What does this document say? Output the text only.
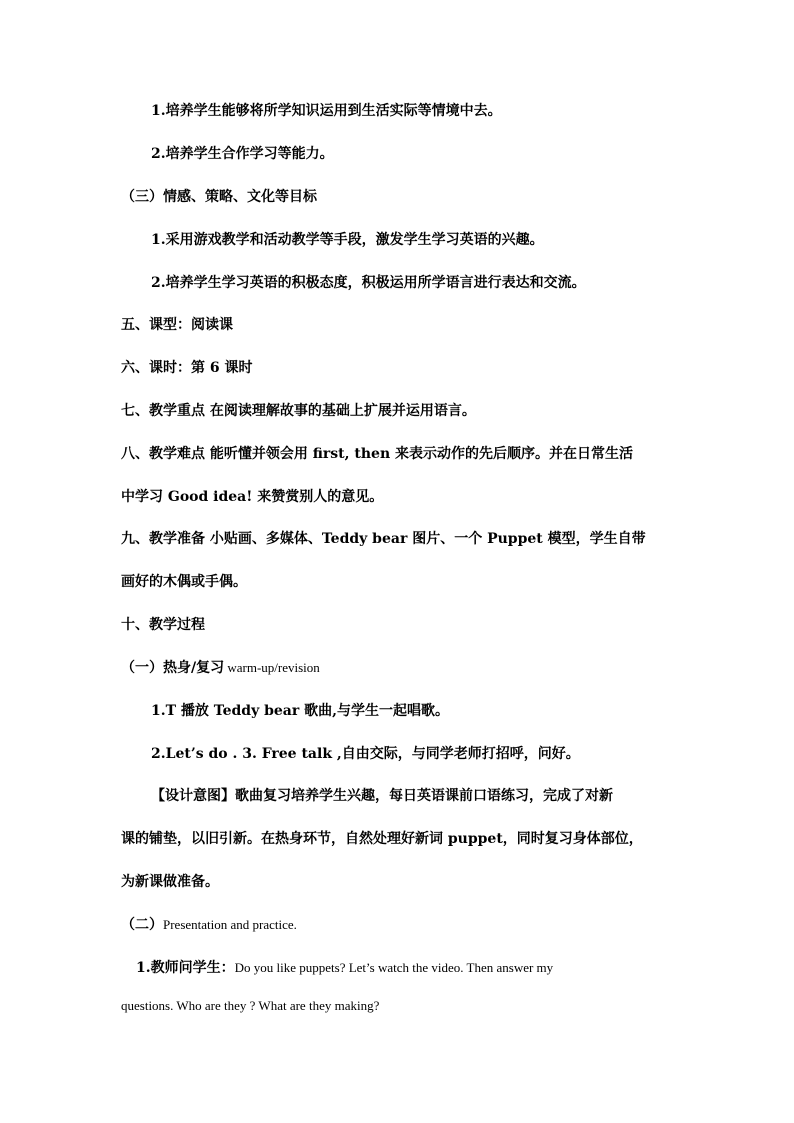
1.培养学生能够将所学知识运用到生活实际等情境中去。
2.培养学生合作学习等能力。
（三）情感、策略、文化等目标
1.采用游戏教学和活动教学等手段，激发学生学习英语的兴趣。
2.培养学生学习英语的积极态度，积极运用所学语言进行表达和交流。
五、课型：阅读课
六、课时：第 6 课时
七、教学重点 在阅读理解故事的基础上扩展并运用语言。
八、教学难点 能听懂并领会用 first, then 来表示动作的先后顺序。并在日常生活
中学习 Good idea! 来赞赏别人的意见。
九、教学准备 小贴画、多媒体、Teddy bear 图片、一个 Puppet 模型，学生自带
画好的木偶或手偶。
十、教学过程
（一）热身/复习 warm-up/revision
1.T 播放 Teddy bear 歌曲,与学生一起唱歌。
2.Let’s do . 3. Free talk ,自由交际，与同学老师打招呼，问好。
【设计意图】歌曲复习培养学生兴趣，每日英语课前口语练习，完成了对新
课的铺垫，以旧引新。在热身环节，自然处理好新词 puppet，同时复习身体部位，
为新课做准备。
（二）Presentation and practice.
1.教师问学生：Do you like puppets? Let’s watch the video. Then answer my
questions. Who are they ? What are they making?
